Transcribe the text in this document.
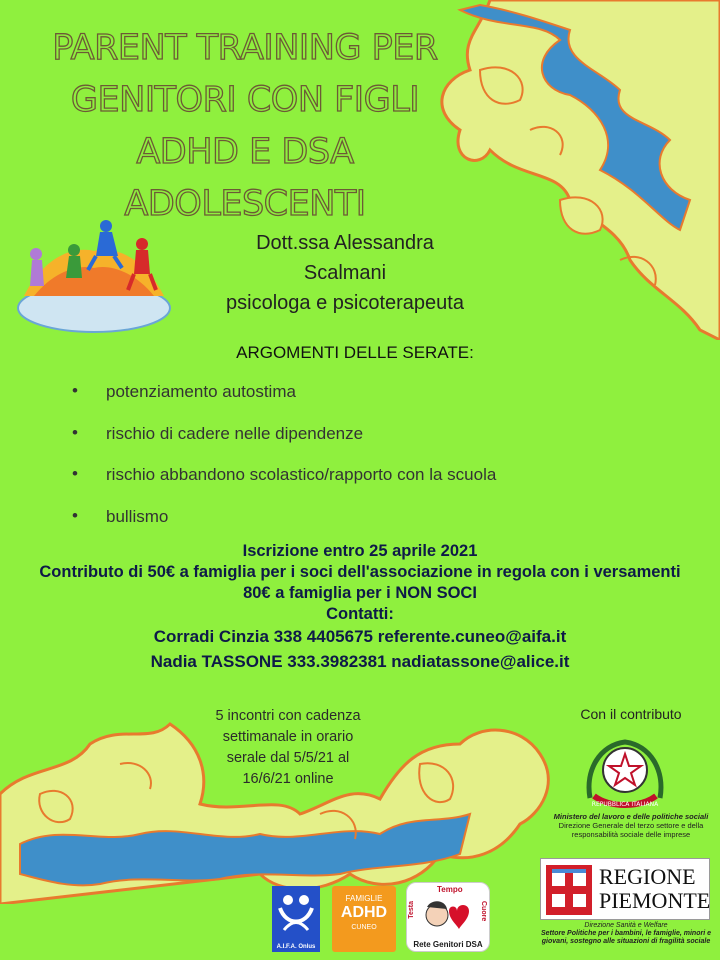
PARENT TRAINING PER
GENITORI CON FIGLI
ADHD E DSA
ADOLESCENTI
Dott.ssa Alessandra
Scalmani
psicologa e psicoterapeuta
ARGOMENTI DELLE SERATE:
• potenziamento autostima
• rischio di cadere nelle dipendenze
• rischio abbandono scolastico/rapporto con la scuola
• bullismo
Iscrizione entro 25 aprile 2021
Contributo di 50€ a famiglia per i soci dell'associazione in regola con i versamenti
80€ a famiglia per i NON SOCI
Contatti:
Corradi Cinzia 338 4405675 referente.cuneo@aifa.it
Nadia TASSONE 333.3982381 nadiatassone@alice.it
5 incontri con cadenza
settimanale in orario
serale dal 5/5/21 al
16/6/21 online
Con il contributo
REPUBBLICA ITALIANA
Ministero del lavoro e delle politiche sociali
Direzione Generale del terzo settore e della responsabilità sociale delle imprese
REGIONE
PIEMONTE
Direzione Sanità e Welfare
Settore Politiche per i bambini, le famiglie, minori e giovani, sostegno alle situazioni di fragilità sociale
A.I.F.A. Onlus
FAMIGLIE
ADHD
CUNEO
Tempo
Testa	Cuore
Rete Genitori DSA
